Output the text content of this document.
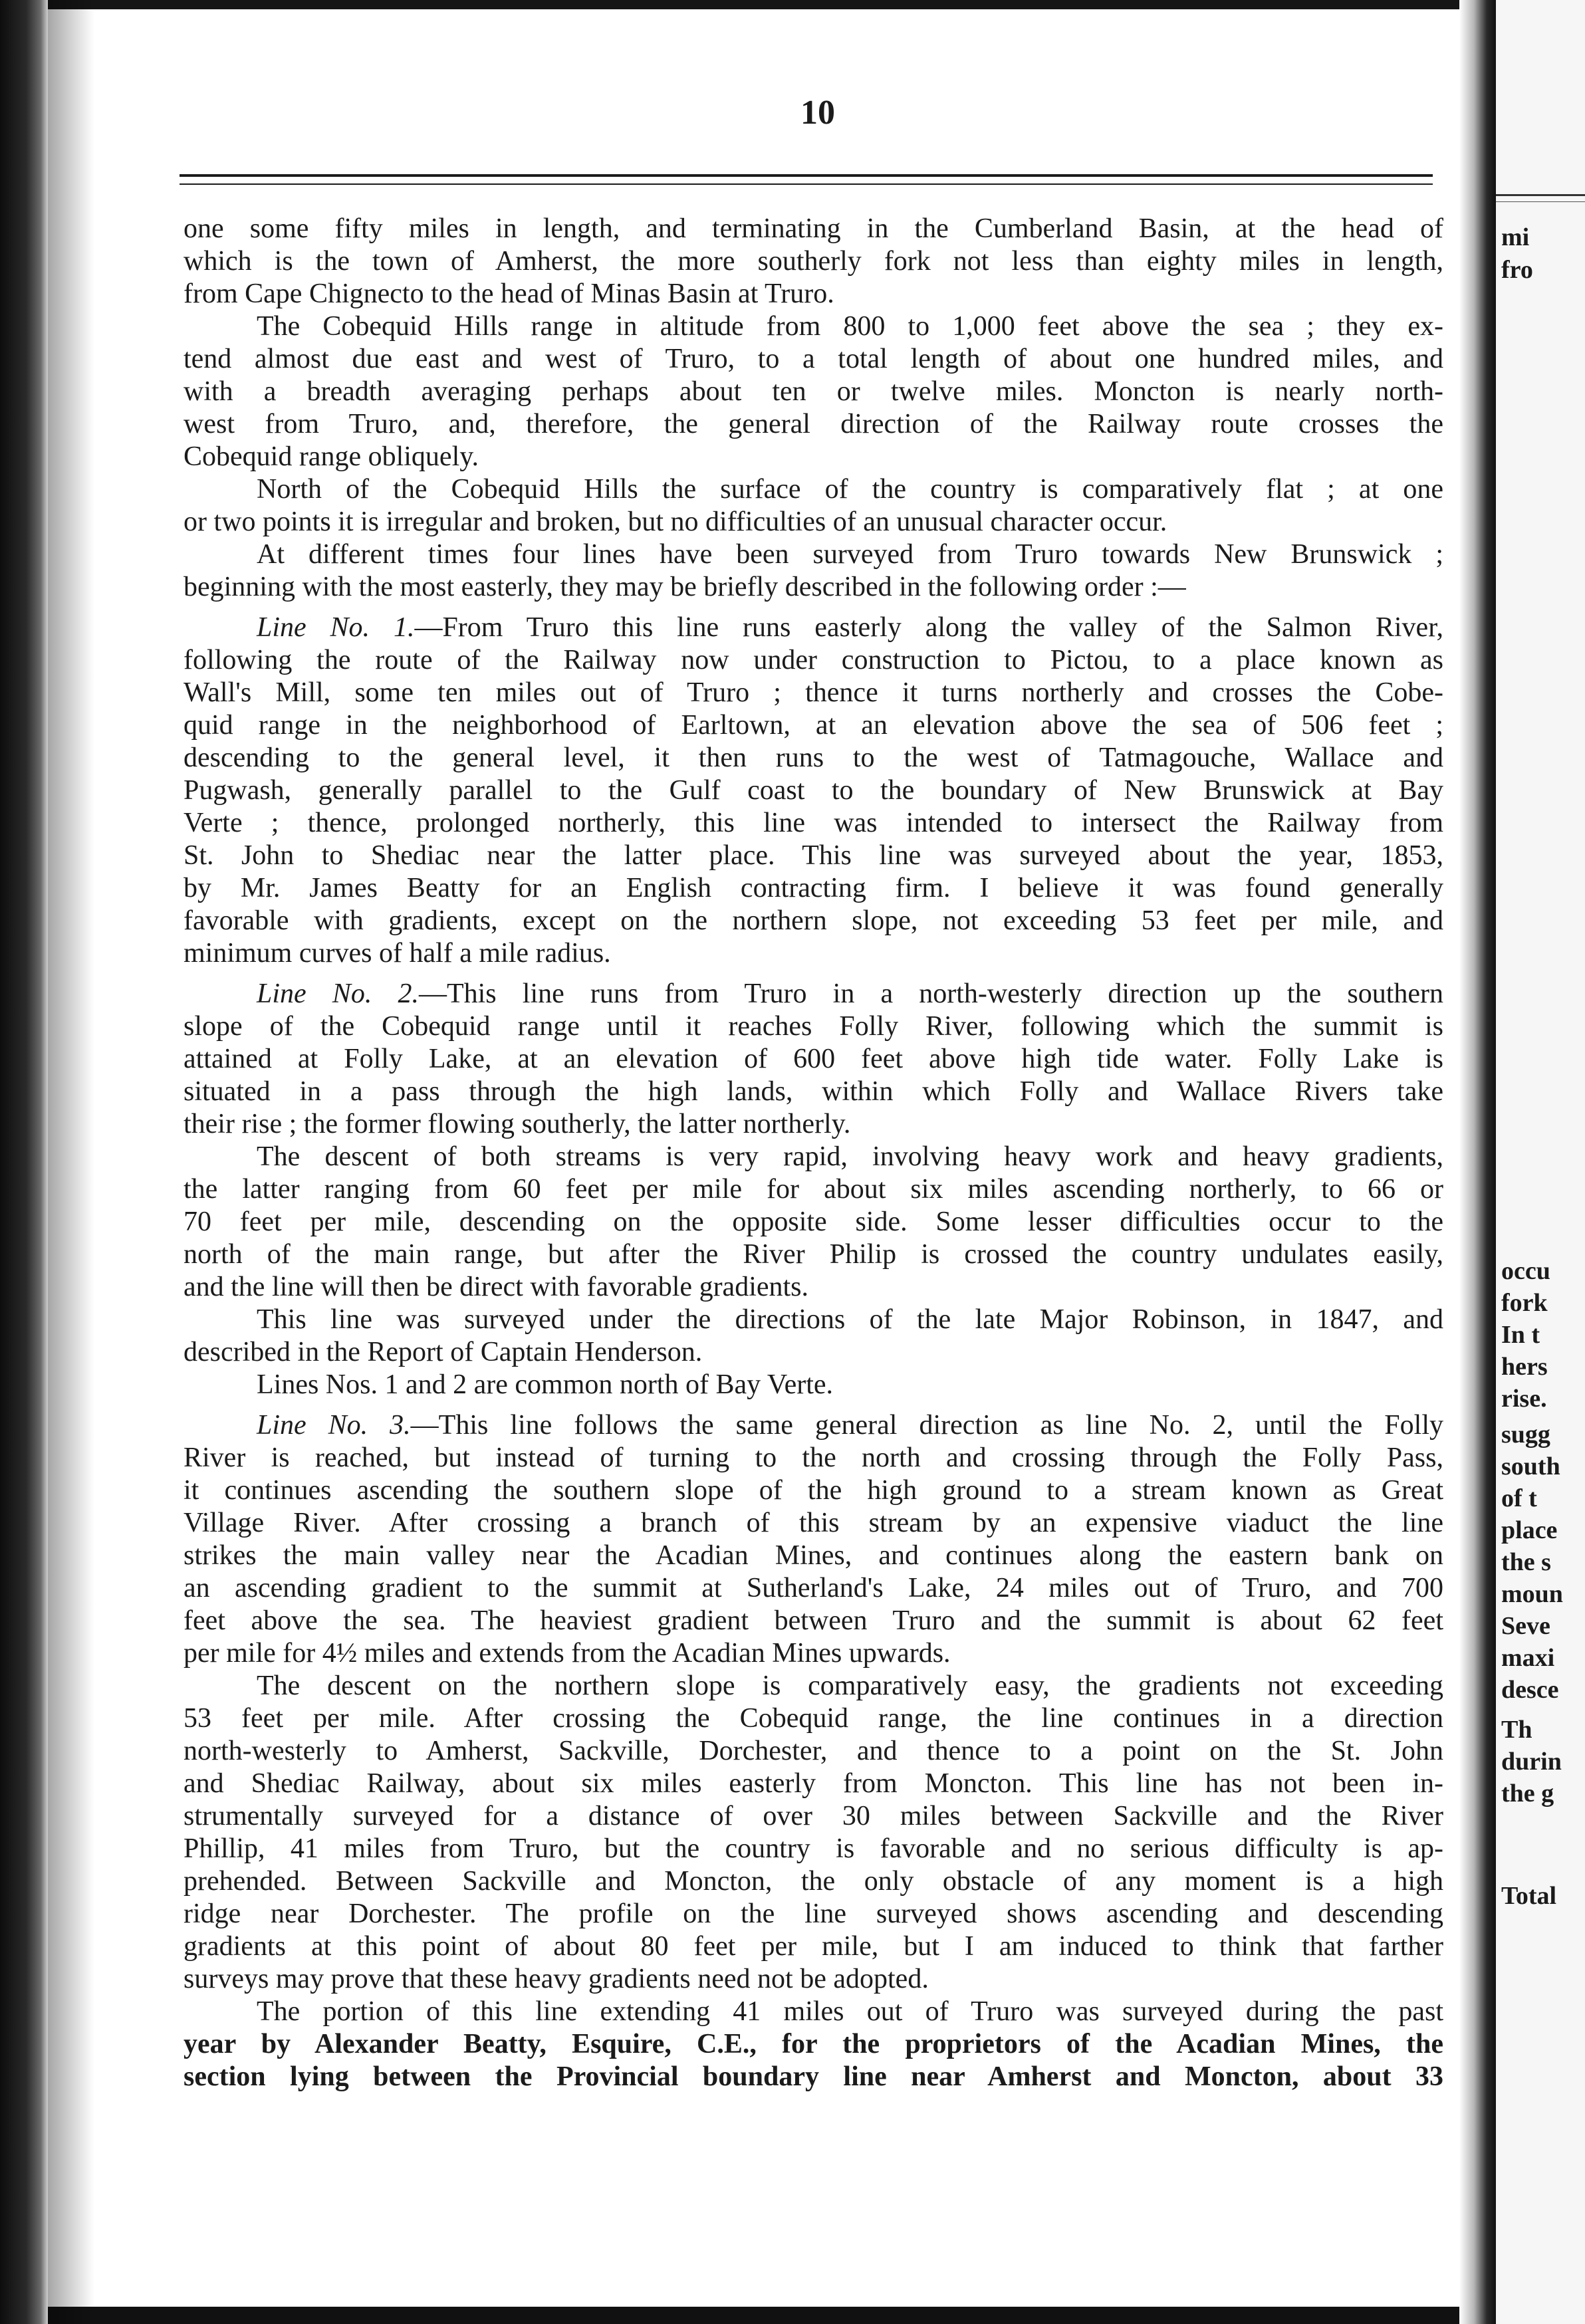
mi
fro
occu
fork
In t
hers
rise.
sugg
south
of t
place
the s
moun
Seve
maxi
desce
Th
durin
the g
Total
10
one some fifty miles in length, and terminating in the Cumberland Basin, at the head of
which is the town of Amherst, the more southerly fork not less than eighty miles in length,
from Cape Chignecto to the head of Minas Basin at Truro.
The Cobequid Hills range in altitude from 800 to 1,000 feet above the sea ; they ex-
tend almost due east and west of Truro, to a total length of about one hundred miles, and
with a breadth averaging perhaps about ten or twelve miles. Moncton is nearly north-
west from Truro, and, therefore, the general direction of the Railway route crosses the
Cobequid range obliquely.
North of the Cobequid Hills the surface of the country is comparatively flat ; at one
or two points it is irregular and broken, but no difficulties of an unusual character occur.
At different times four lines have been surveyed from Truro towards New Brunswick ;
beginning with the most easterly, they may be briefly described in the following order :—
Line No. 1.—From Truro this line runs easterly along the valley of the Salmon River,
following the route of the Railway now under construction to Pictou, to a place known as
Wall's Mill, some ten miles out of Truro ; thence it turns northerly and crosses the Cobe-
quid range in the neighborhood of Earltown, at an elevation above the sea of 506 feet ;
descending to the general level, it then runs to the west of Tatmagouche, Wallace and
Pugwash, generally parallel to the Gulf coast to the boundary of New Brunswick at Bay
Verte ; thence, prolonged northerly, this line was intended to intersect the Railway from
St. John to Shediac near the latter place. This line was surveyed about the year, 1853,
by Mr. James Beatty for an English contracting firm. I believe it was found generally
favorable with gradients, except on the northern slope, not exceeding 53 feet per mile, and
minimum curves of half a mile radius.
Line No. 2.—This line runs from Truro in a north-westerly direction up the southern
slope of the Cobequid range until it reaches Folly River, following which the summit is
attained at Folly Lake, at an elevation of 600 feet above high tide water. Folly Lake is
situated in a pass through the high lands, within which Folly and Wallace Rivers take
their rise ; the former flowing southerly, the latter northerly.
The descent of both streams is very rapid, involving heavy work and heavy gradients,
the latter ranging from 60 feet per mile for about six miles ascending northerly, to 66 or
70 feet per mile, descending on the opposite side. Some lesser difficulties occur to the
north of the main range, but after the River Philip is crossed the country undulates easily,
and the line will then be direct with favorable gradients.
This line was surveyed under the directions of the late Major Robinson, in 1847, and
described in the Report of Captain Henderson.
Lines Nos. 1 and 2 are common north of Bay Verte.
Line No. 3.—This line follows the same general direction as line No. 2, until the Folly
River is reached, but instead of turning to the north and crossing through the Folly Pass,
it continues ascending the southern slope of the high ground to a stream known as Great
Village River. After crossing a branch of this stream by an expensive viaduct the line
strikes the main valley near the Acadian Mines, and continues along the eastern bank on
an ascending gradient to the summit at Sutherland's Lake, 24 miles out of Truro, and 700
feet above the sea. The heaviest gradient between Truro and the summit is about 62 feet
per mile for 4½ miles and extends from the Acadian Mines upwards.
The descent on the northern slope is comparatively easy, the gradients not exceeding
53 feet per mile. After crossing the Cobequid range, the line continues in a direction
north-westerly to Amherst, Sackville, Dorchester, and thence to a point on the St. John
and Shediac Railway, about six miles easterly from Moncton. This line has not been in-
strumentally surveyed for a distance of over 30 miles between Sackville and the River
Phillip, 41 miles from Truro, but the country is favorable and no serious difficulty is ap-
prehended. Between Sackville and Moncton, the only obstacle of any moment is a high
ridge near Dorchester. The profile on the line surveyed shows ascending and descending
gradients at this point of about 80 feet per mile, but I am induced to think that farther
surveys may prove that these heavy gradients need not be adopted.
The portion of this line extending 41 miles out of Truro was surveyed during the past
year by Alexander Beatty, Esquire, C.E., for the proprietors of the Acadian Mines, the
section lying between the Provincial boundary line near Amherst and Moncton, about 33
